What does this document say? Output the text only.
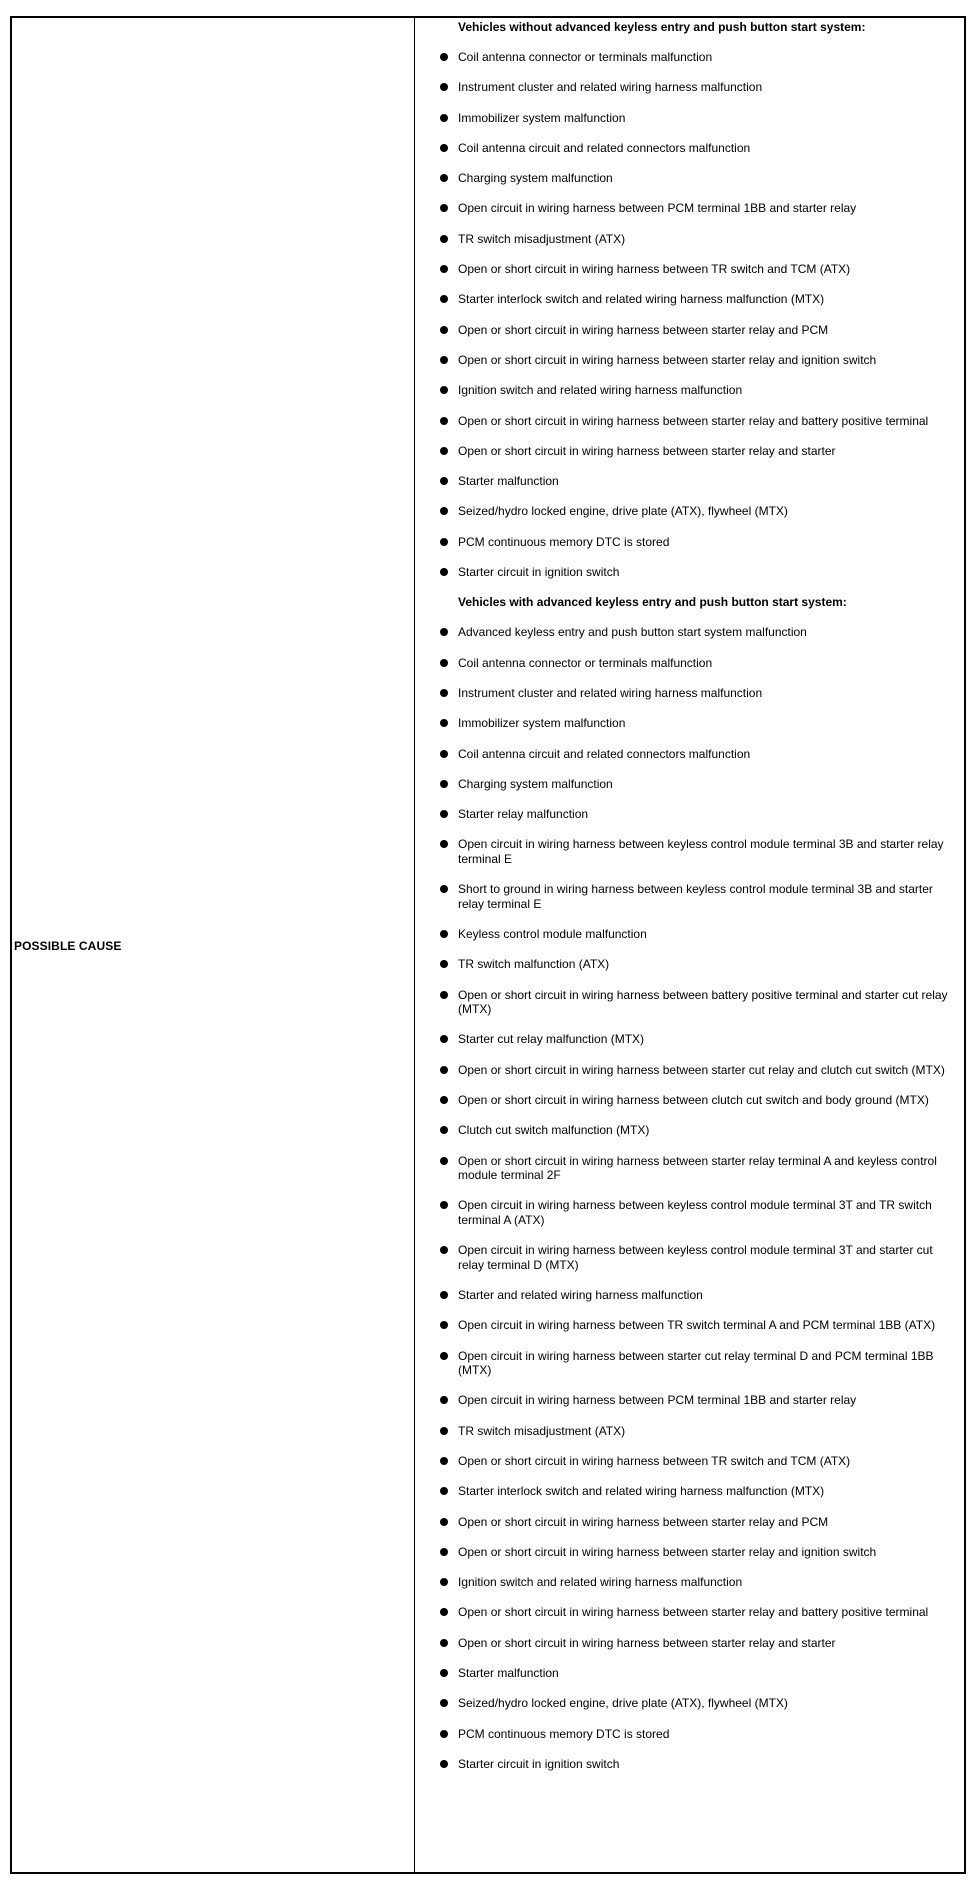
POSSIBLE CAUSE
Vehicles without advanced keyless entry and push button start system:
Coil antenna connector or terminals malfunction
Instrument cluster and related wiring harness malfunction
Immobilizer system malfunction
Coil antenna circuit and related connectors malfunction
Charging system malfunction
Open circuit in wiring harness between PCM terminal 1BB and starter relay
TR switch misadjustment (ATX)
Open or short circuit in wiring harness between TR switch and TCM (ATX)
Starter interlock switch and related wiring harness malfunction (MTX)
Open or short circuit in wiring harness between starter relay and PCM
Open or short circuit in wiring harness between starter relay and ignition switch
Ignition switch and related wiring harness malfunction
Open or short circuit in wiring harness between starter relay and battery positive terminal
Open or short circuit in wiring harness between starter relay and starter
Starter malfunction
Seized/hydro locked engine, drive plate (ATX), flywheel (MTX)
PCM continuous memory DTC is stored
Starter circuit in ignition switch
Vehicles with advanced keyless entry and push button start system:
Advanced keyless entry and push button start system malfunction
Coil antenna connector or terminals malfunction
Instrument cluster and related wiring harness malfunction
Immobilizer system malfunction
Coil antenna circuit and related connectors malfunction
Charging system malfunction
Starter relay malfunction
Open circuit in wiring harness between keyless control module terminal 3B and starter relay terminal E
Short to ground in wiring harness between keyless control module terminal 3B and starter relay terminal E
Keyless control module malfunction
TR switch malfunction (ATX)
Open or short circuit in wiring harness between battery positive terminal and starter cut relay (MTX)
Starter cut relay malfunction (MTX)
Open or short circuit in wiring harness between starter cut relay and clutch cut switch (MTX)
Open or short circuit in wiring harness between clutch cut switch and body ground (MTX)
Clutch cut switch malfunction (MTX)
Open or short circuit in wiring harness between starter relay terminal A and keyless control module terminal 2F
Open circuit in wiring harness between keyless control module terminal 3T and TR switch terminal A (ATX)
Open circuit in wiring harness between keyless control module terminal 3T and starter cut relay terminal D (MTX)
Starter and related wiring harness malfunction
Open circuit in wiring harness between TR switch terminal A and PCM terminal 1BB (ATX)
Open circuit in wiring harness between starter cut relay terminal D and PCM terminal 1BB (MTX)
Open circuit in wiring harness between PCM terminal 1BB and starter relay
TR switch misadjustment (ATX)
Open or short circuit in wiring harness between TR switch and TCM (ATX)
Starter interlock switch and related wiring harness malfunction (MTX)
Open or short circuit in wiring harness between starter relay and PCM
Open or short circuit in wiring harness between starter relay and ignition switch
Ignition switch and related wiring harness malfunction
Open or short circuit in wiring harness between starter relay and battery positive terminal
Open or short circuit in wiring harness between starter relay and starter
Starter malfunction
Seized/hydro locked engine, drive plate (ATX), flywheel (MTX)
PCM continuous memory DTC is stored
Starter circuit in ignition switch
